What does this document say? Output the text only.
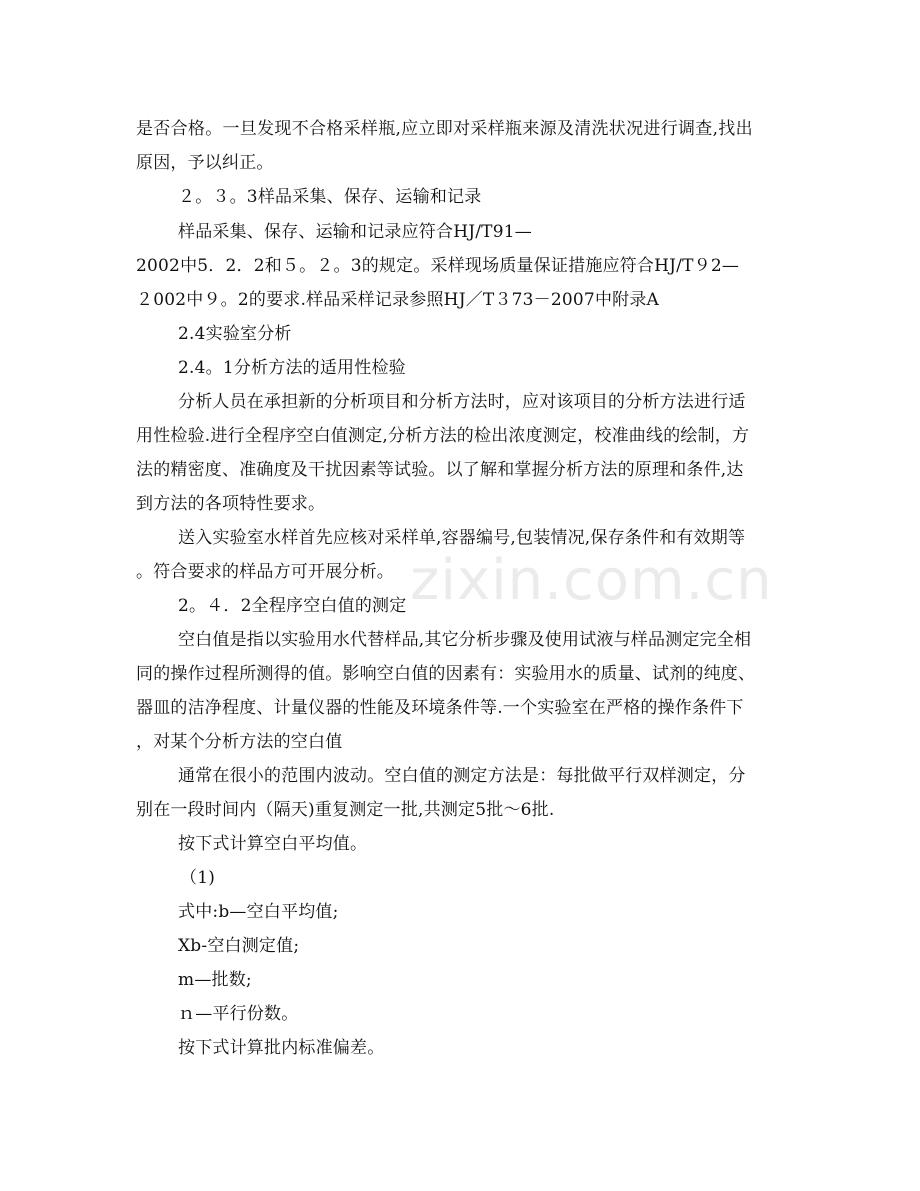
是否合格。一旦发现不合格采样瓶,应立即对采样瓶来源及清洗状况进行调查,找出
原因，予以纠正。
２。３。3样品采集、保存、运输和记录
样品采集、保存、运输和记录应符合HJ/T91—
2002中5．2．2和５。２。3的规定。采样现场质量保证措施应符合HJ/T９2—
２002中９。2的要求.样品采样记录参照HJ／T３73－2007中附录A
2.4实验室分析
2.4。1分析方法的适用性检验
分析人员在承担新的分析项目和分析方法时，应对该项目的分析方法进行适
用性检验.进行全程序空白值测定,分析方法的检出浓度测定，校准曲线的绘制，方
法的精密度、准确度及干扰因素等试验。以了解和掌握分析方法的原理和条件,达
到方法的各项特性要求。
送入实验室水样首先应核对采样单,容器编号,包装情况,保存条件和有效期等
。符合要求的样品方可开展分析。
2。４．2全程序空白值的测定
空白值是指以实验用水代替样品,其它分析步骤及使用试液与样品测定完全相
同的操作过程所测得的值。影响空白值的因素有：实验用水的质量、试剂的纯度、
器皿的洁净程度、计量仪器的性能及环境条件等.一个实验室在严格的操作条件下
，对某个分析方法的空白值
通常在很小的范围内波动。空白值的测定方法是：每批做平行双样测定，分
别在一段时间内（隔天)重复测定一批,共测定5批～6批.
按下式计算空白平均值。
（1)
式中:b—空白平均值;
Xb-空白测定值;
m—批数;
ｎ—平行份数。
按下式计算批内标准偏差。
zixin.com.cn
